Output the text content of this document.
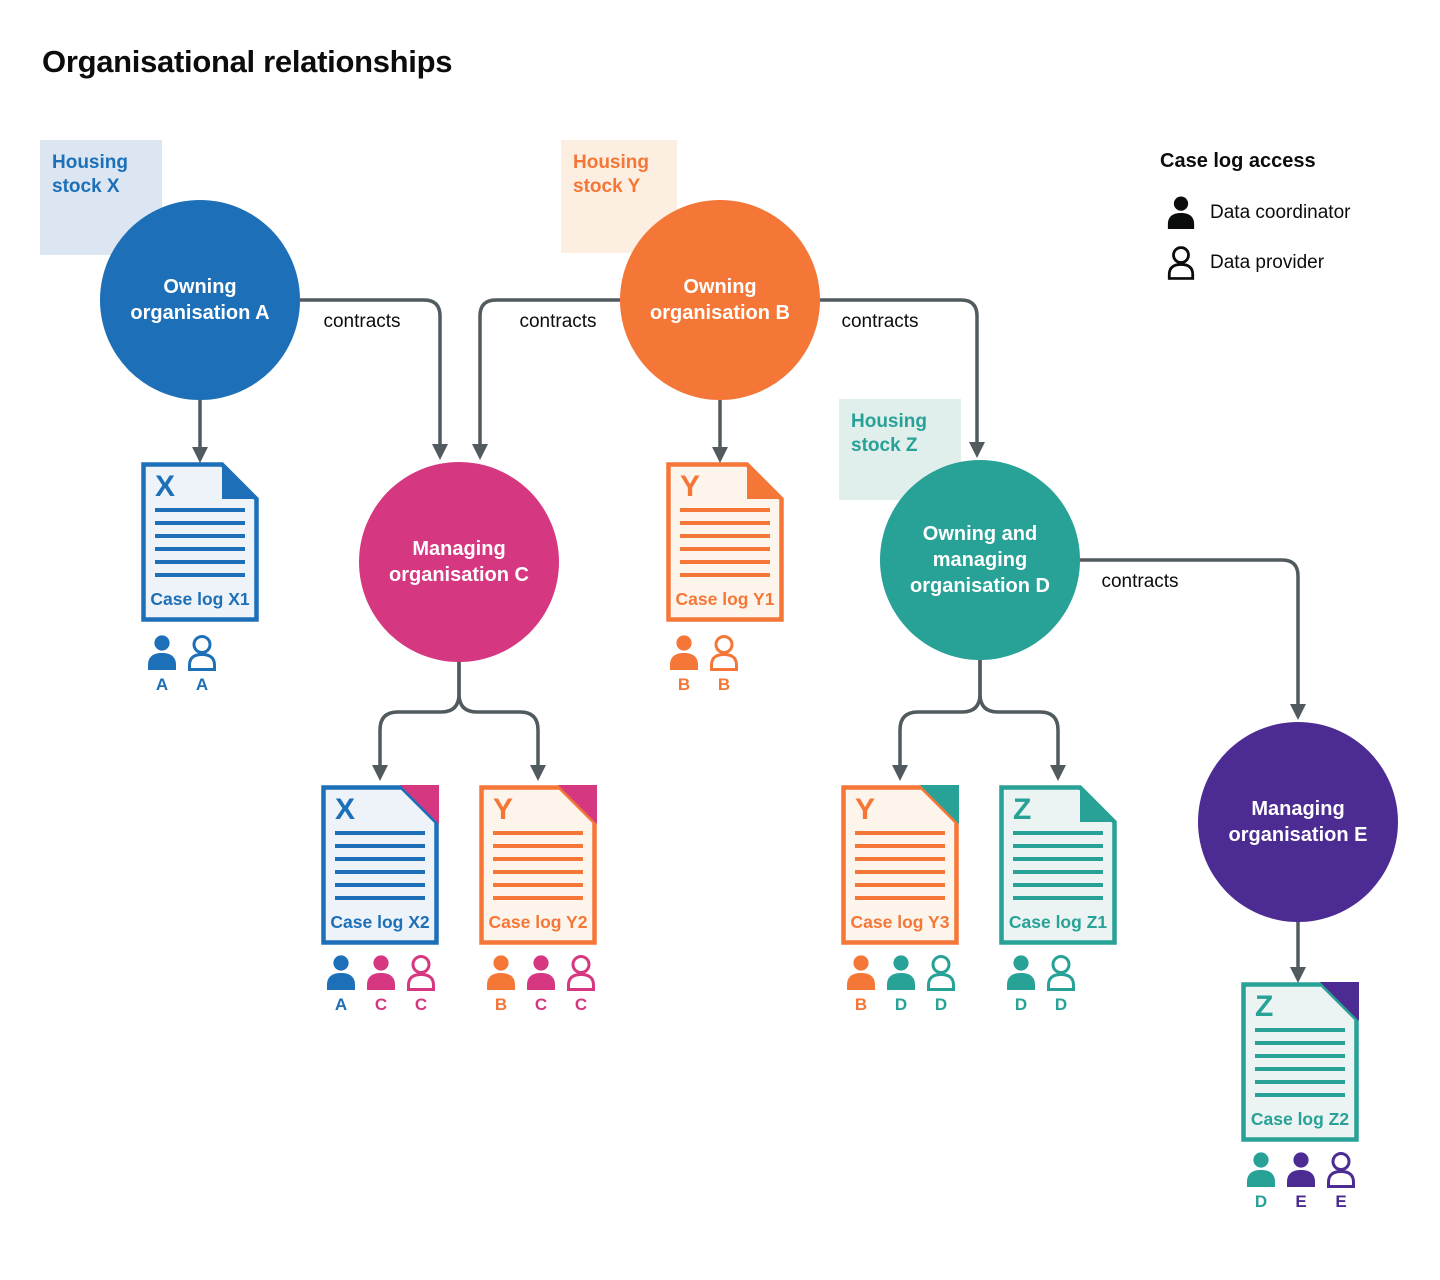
Organisational relationships
Housing stock X
Housing stock Y
Housing stock Z
contracts	contracts	contracts
contracts
Owning organisation A
Owning organisation B
Managing organisation C
Owning and managing organisation D
Managing organisation E
X
Case log X1
Y
Case log Y1
X
Case log X2
Y
Case log Y2
Y
Case log Y3
Z
Case log Z1
Z
Case log Z2
A A	B B
A C C	B C C	B D D	D D
D E E
Case log access
Data coordinator
Data provider
